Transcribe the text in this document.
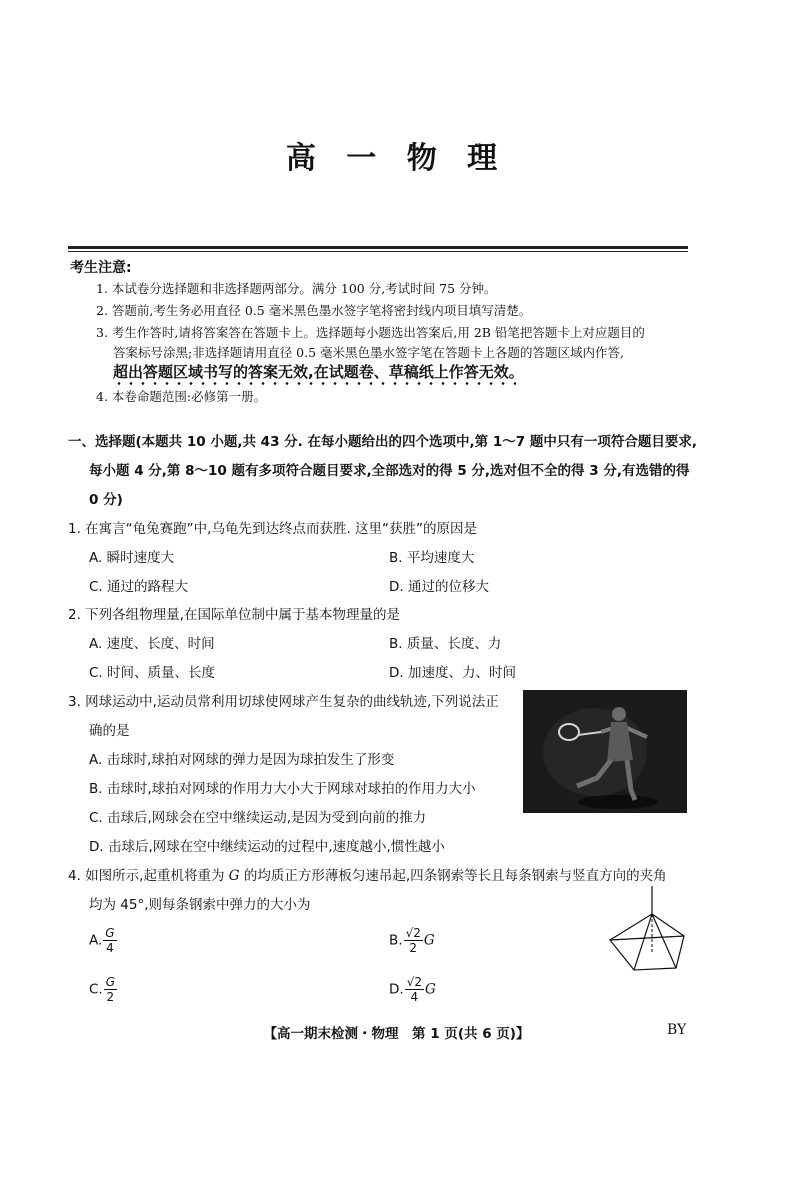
高 一 物 理
考生注意:
1. 本试卷分选择题和非选择题两部分。满分 100 分,考试时间 75 分钟。
2. 答题前,考生务必用直径 0.5 毫米黑色墨水签字笔将密封线内项目填写清楚。
3. 考生作答时,请将答案答在答题卡上。选择题每小题选出答案后,用 2B 铅笔把答题卡上对应题目的
答案标号涂黑;非选择题请用直径 0.5 毫米黑色墨水签字笔在答题卡上各题的答题区域内作答,
超出答题区域书写的答案无效,在试题卷、草稿纸上作答无效。
4. 本卷命题范围:必修第一册。
一、选择题(本题共 10 小题,共 43 分. 在每小题给出的四个选项中,第 1～7 题中只有一项符合题目要求,
每小题 4 分,第 8～10 题有多项符合题目要求,全部选对的得 5 分,选对但不全的得 3 分,有选错的得
0 分)
1. 在寓言“龟兔赛跑”中,乌龟先到达终点而获胜. 这里“获胜”的原因是
A. 瞬时速度大	B. 平均速度大
C. 通过的路程大	D. 通过的位移大
2. 下列各组物理量,在国际单位制中属于基本物理量的是
A. 速度、长度、时间	B. 质量、长度、力
C. 时间、质量、长度	D. 加速度、力、时间
3. 网球运动中,运动员常利用切球使网球产生复杂的曲线轨迹,下列说法正
确的是
A. 击球时,球拍对网球的弹力是因为球拍发生了形变
B. 击球时,球拍对网球的作用力大小大于网球对球拍的作用力大小
C. 击球后,网球会在空中继续运动,是因为受到向前的推力
D. 击球后,网球在空中继续运动的过程中,速度越小,惯性越小
4. 如图所示,起重机将重为 G 的均质正方形薄板匀速吊起,四条钢索等长且每条钢索与竖直方向的夹角
均为 45°,则每条钢索中弹力的大小为
A. $\frac{G}{4}$	B. $\frac{√2}{2}$ G
C. $\frac{G}{2}$	D. $\frac{√2}{4}$ G
【高一期末检测・物理　第 1 页(共 6 页)】	BY
